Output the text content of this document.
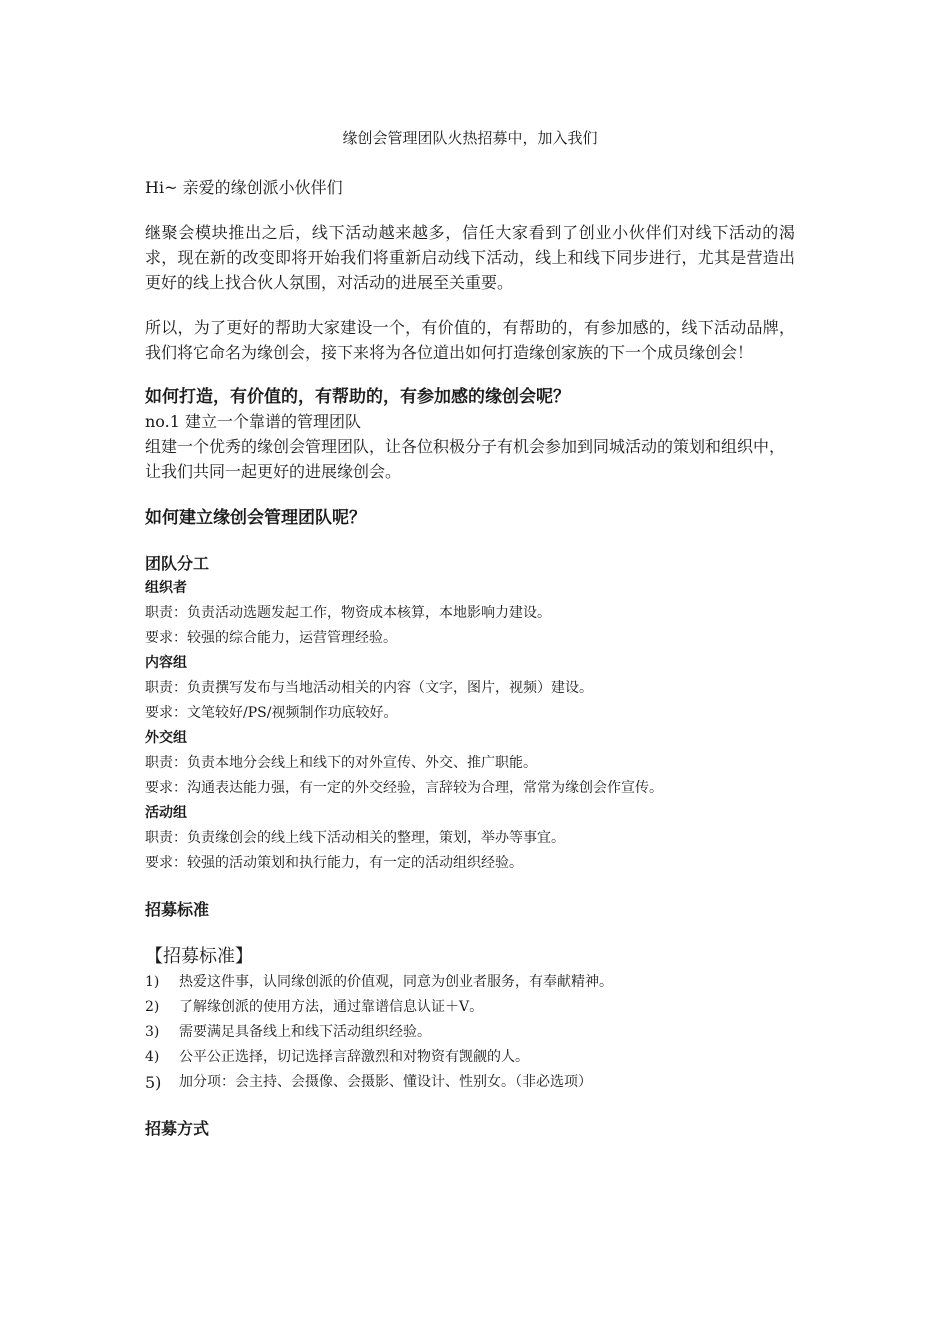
缘创会管理团队火热招募中，加入我们

Hi~ 亲爱的缘创派小伙伴们

继聚会模块推出之后，线下活动越来越多，信任大家看到了创业小伙伴们对线下活动的渴求，现在新的改变即将开始我们将重新启动线下活动，线上和线下同步进行，尤其是营造出更好的线上找合伙人氛围，对活动的进展至关重要。

所以，为了更好的帮助大家建设一个，有价值的，有帮助的，有参加感的，线下活动品牌，我们将它命名为缘创会，接下来将为各位道出如何打造缘创家族的下一个成员缘创会！

如何打造，有价值的，有帮助的，有参加感的缘创会呢？

no.1 建立一个靠谱的管理团队

组建一个优秀的缘创会管理团队，让各位积极分子有机会参加到同城活动的策划和组织中，让我们共同一起更好的进展缘创会。

如何建立缘创会管理团队呢？

团队分工

组织者

职责：负责活动选题发起工作，物资成本核算，本地影响力建设。

要求：较强的综合能力，运营管理经验。

内容组

职责：负责撰写发布与当地活动相关的内容（文字，图片，视频）建设。

要求：文笔较好/PS/视频制作功底较好。

外交组

职责：负责本地分会线上和线下的对外宣传、外交、推广职能。

要求：沟通表达能力强，有一定的外交经验，言辞较为合理，常常为缘创会作宣传。

活动组

职责：负责缘创会的线上线下活动相关的整理，策划，举办等事宜。

要求：较强的活动策划和执行能力，有一定的活动组织经验。

招募标准

【招募标准】

1)	热爱这件事，认同缘创派的价值观，同意为创业者服务，有奉献精神。
2)	了解缘创派的使用方法，通过靠谱信息认证＋V。
3)	需要满足具备线上和线下活动组织经验。
4)	公平公正选择，切记选择言辞激烈和对物资有觊觎的人。
5)	加分项：会主持、会摄像、会摄影、懂设计、性别女。（非必选项）

招募方式
